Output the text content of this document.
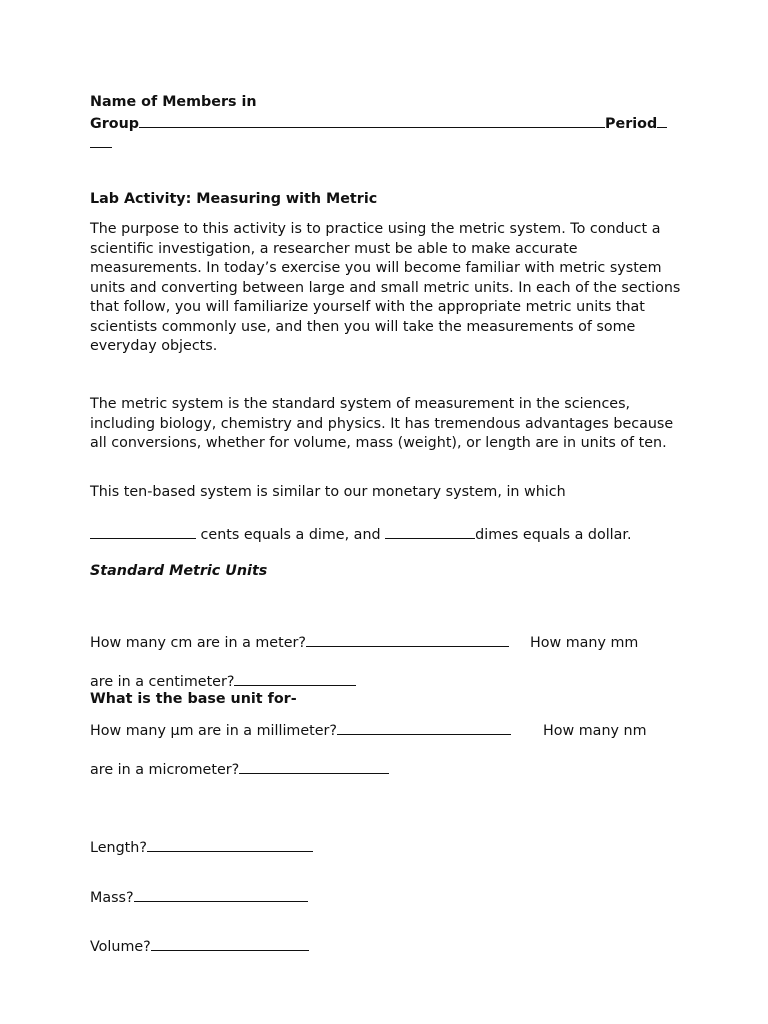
Name of Members in
Group	Period
Lab Activity: Measuring with Metric

The purpose to this activity is to practice using the metric system. To conduct a scientific investigation, a researcher must be able to make accurate measurements. In today’s exercise you will become familiar with metric system units and converting between large and small metric units. In each of the sections that follow, you will familiarize yourself with the appropriate metric units that scientists commonly use, and then you will take the measurements of some everyday objects.

The metric system is the standard system of measurement in the sciences, including biology, chemistry and physics. It has tremendous advantages because all conversions, whether for volume, mass (weight), or length are in units of ten.

This ten-based system is similar to our monetary system, in which
cents equals a dime, and	dimes equals a dollar.
Standard Metric Units
How many cm are in a meter?	How many mm
are in a centimeter?
How many µm are in a millimeter?	How many nm
are in a micrometer?
What is the base unit for-
Length?
Mass?
Volume?
